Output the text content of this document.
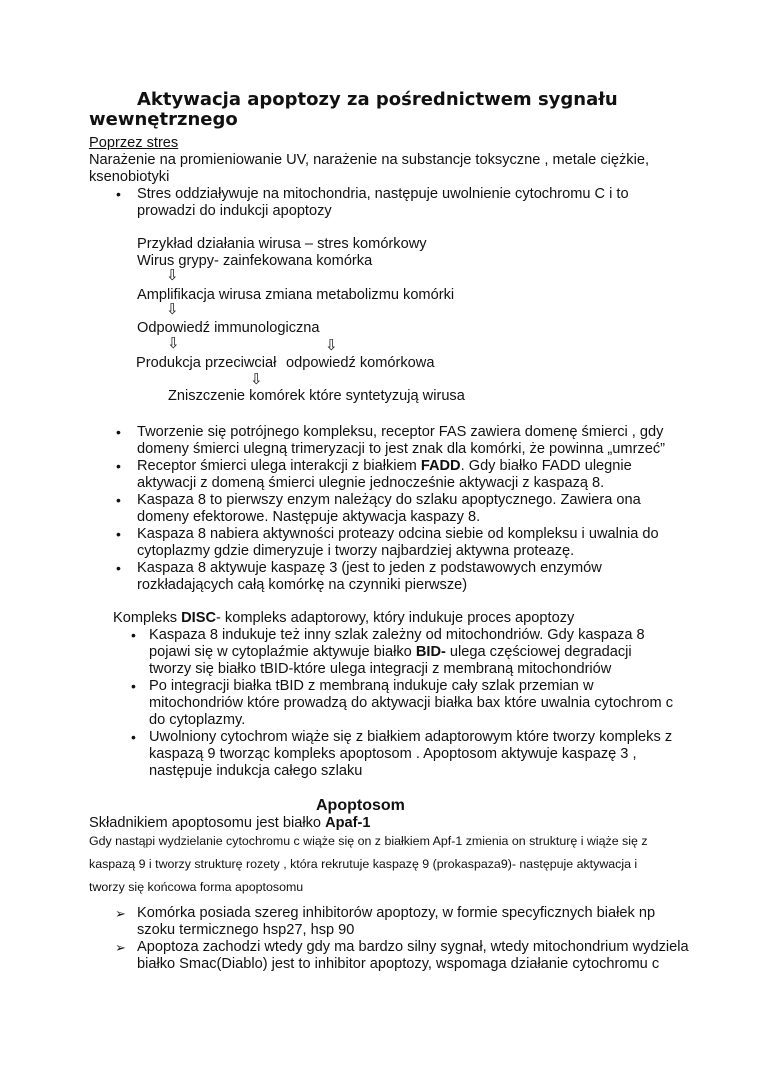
Aktywacja apoptozy za pośrednictwem sygnału
wewnętrznego
Poprzez stres
Narażenie na promieniowanie UV, narażenie na substancje toksyczne , metale ciężkie,
ksenobiotyki
• Stres oddziaływuje na mitochondria, następuje uwolnienie cytochromu C i to
prowadzi do indukcji apoptozy
Przykład działania wirusa – stres komórkowy
Wirus grypy- zainfekowana komórka
⇩
Amplifikacja wirusa zmiana metabolizmu komórki
⇩
Odpowiedź immunologiczna
⇩	⇩
Produkcja przeciwciał odpowiedź komórkowa
⇩
Zniszczenie komórek które syntetyzują wirusa
• Tworzenie się potrójnego kompleksu, receptor FAS zawiera domenę śmierci , gdy
domeny śmierci ulegną trimeryzacji to jest znak dla komórki, że powinna „umrzeć”
• Receptor śmierci ulega interakcji z białkiem FADD. Gdy białko FADD ulegnie
aktywacji z domeną śmierci ulegnie jednocześnie aktywacji z kaspazą 8.
• Kaspaza 8 to pierwszy enzym należący do szlaku apoptycznego. Zawiera ona
domeny efektorowe. Następuje aktywacja kaspazy 8.
• Kaspaza 8 nabiera aktywności proteazy odcina siebie od kompleksu i uwalnia do
cytoplazmy gdzie dimeryzuje i tworzy najbardziej aktywna proteazę.
• Kaspaza 8 aktywuje kaspazę 3 (jest to jeden z podstawowych enzymów
rozkładających całą komórkę na czynniki pierwsze)
Kompleks DISC- kompleks adaptorowy, który indukuje proces apoptozy
• Kaspaza 8 indukuje też inny szlak zależny od mitochondriów. Gdy kaspaza 8
pojawi się w cytoplaźmie aktywuje białko BID- ulega częściowej degradacji
tworzy się białko tBID-które ulega integracji z membraną mitochondriów
• Po integracji białka tBID z membraną indukuje cały szlak przemian w
mitochondriów które prowadzą do aktywacji białka bax które uwalnia cytochrom c
do cytoplazmy.
• Uwolniony cytochrom wiąże się z białkiem adaptorowym które tworzy kompleks z
kaspazą 9 tworząc kompleks apoptosom . Apoptosom aktywuje kaspazę 3 ,
następuje indukcja całego szlaku
Apoptosom
Składnikiem apoptosomu jest białko Apaf-1
Gdy nastąpi wydzielanie cytochromu c wiąże się on z białkiem Apf-1 zmienia on strukturę i wiąże się z
kaspazą 9 i tworzy strukturę rozety , która rekrutuje kaspazę 9 (prokaspaza9)- następuje aktywacja i
tworzy się końcowa forma apoptosomu
➢ Komórka posiada szereg inhibitorów apoptozy, w formie specyficznych białek np
szoku termicznego hsp27, hsp 90
➢ Apoptoza zachodzi wtedy gdy ma bardzo silny sygnał, wtedy mitochondrium wydziela
białko Smac(Diablo) jest to inhibitor apoptozy, wspomaga działanie cytochromu c
